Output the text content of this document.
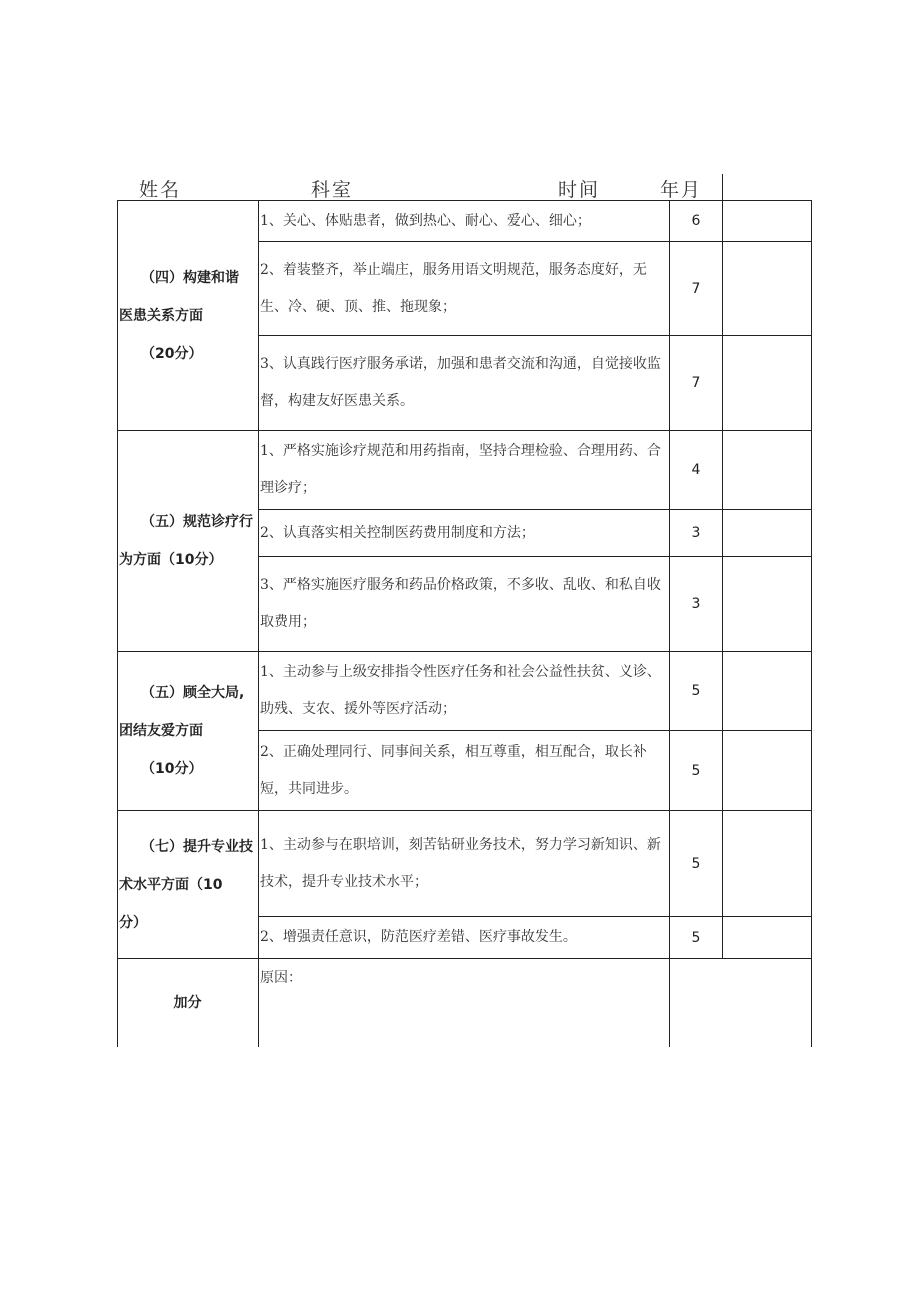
姓名	科室	时间	年月
（四）构建和谐
医患关系方面
（20分）	1、关心、体贴患者，做到热心、耐心、爱心、细心；	6	
	2、着装整齐，举止端庄，服务用语文明规范，服务态度好，无生、冷、硬、顶、推、拖现象；	7	
	3、认真践行医疗服务承诺，加强和患者交流和沟通，自觉接收监督，构建友好医患关系。	7	

（五）规范诊疗行
为方面（10分）	1、严格实施诊疗规范和用药指南，坚持合理检验、合理用药、合理诊疗；	4	
	2、认真落实相关控制医药费用制度和方法；	3	
	3、严格实施医疗服务和药品价格政策，不多收、乱收、和私自收取费用；	3	

（五）顾全大局,
团结友爱方面
（10分）	1、主动参与上级安排指令性医疗任务和社会公益性扶贫、义诊、助残、支农、援外等医疗活动；	5	
	2、正确处理同行、同事间关系，相互尊重，相互配合，取长补短，共同进步。	5	

（七）提升专业技
术水平方面（10
分）	1、主动参与在职培训，刻苦钻研业务技术，努力学习新知识、新技术，提升专业技术水平；	5	
	2、增强责任意识，防范医疗差错、医疗事故发生。	5	
加分	原因：		
